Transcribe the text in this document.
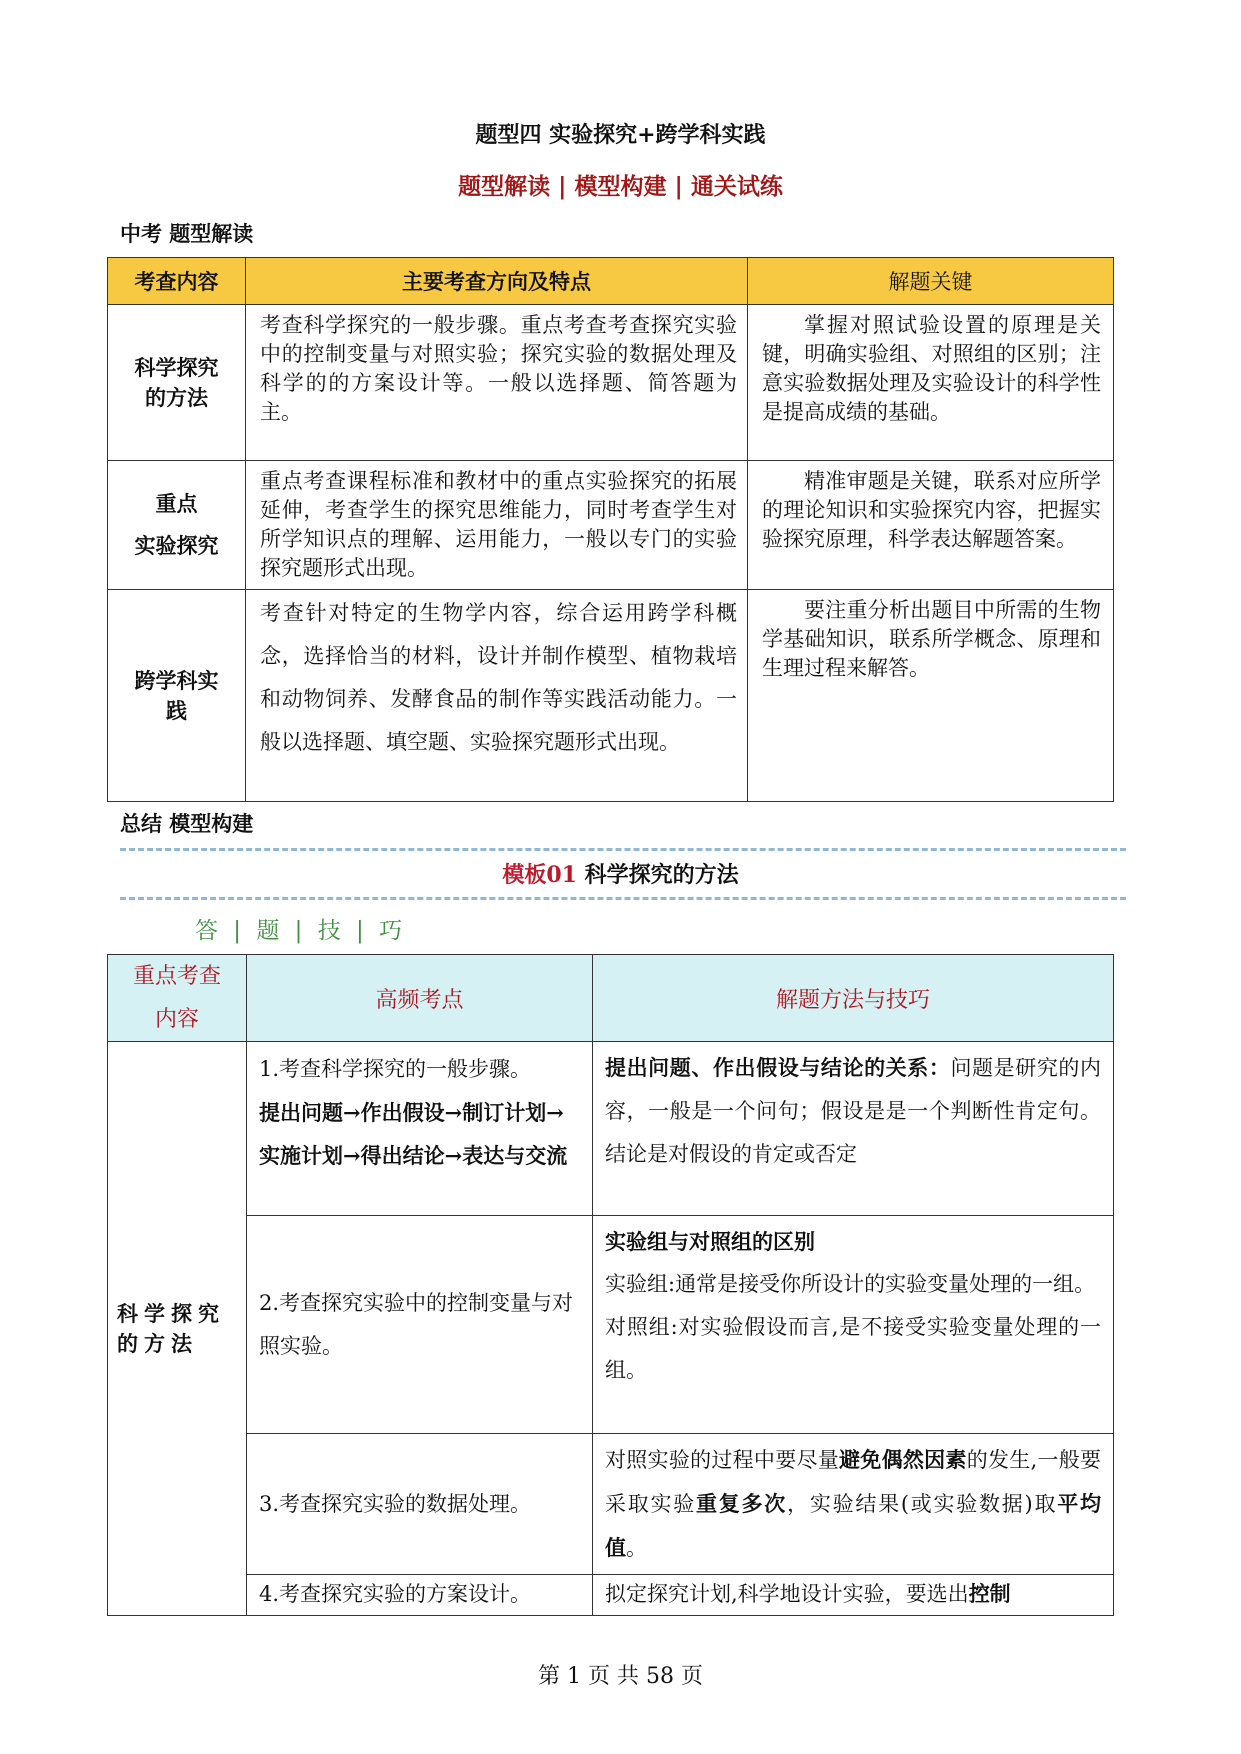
题型四 实验探究+跨学科实践
题型解读 | 模型构建 | 通关试练
中考 题型解读
考查内容	主要考查方向及特点	解题关键

科学探究的方法	考查科学探究的一般步骤。重点考查考查探究实验中的控制变量与对照实验；探究实验的数据处理及科学的的方案设计等。一般以选择题、简答题为主。	掌握对照试验设置的原理是关键，明确实验组、对照组的区别；注意实验数据处理及实验设计的科学性是提高成绩的基础。

重点
实验探究	重点考查课程标准和教材中的重点实验探究的拓展延伸，考查学生的探究思维能力，同时考查学生对所学知识点的理解、运用能力，一般以专门的实验探究题形式出现。	精准审题是关键，联系对应所学的理论知识和实验探究内容，把握实验探究原理，科学表达解题答案。

跨学科实践	考查针对特定的生物学内容，综合运用跨学科概念，选择恰当的材料，设计并制作模型、植物栽培和动物饲养、发酵食品的制作等实践活动能力。一般以选择题、填空题、实验探究题形式出现。	要注重分析出题目中所需的生物学基础知识，联系所学概念、原理和生理过程来解答。
总结 模型构建
模板01 科学探究的方法
答 | 题 | 技 | 巧
重点考查内容	高频考点	解题方法与技巧

科学探究的方法	1.考查科学探究的一般步骤。
提出问题→作出假设→制订计划→实施计划→得出结论→表达与交流	提出问题、作出假设与结论的关系：问题是研究的内容，一般是一个问句；假设是是一个判断性肯定句。结论是对假设的肯定或否定
	2.考查探究实验中的控制变量与对照实验。	实验组与对照组的区别
实验组:通常是接受你所设计的实验变量处理的一组。
对照组:对实验假设而言,是不接受实验变量处理的一组。

	3.考查探究实验的数据处理。	对照实验的过程中要尽量避免偶然因素的发生,一般要采取实验重复多次，实验结果(或实验数据)取平均值。
	4.考查探究实验的方案设计。	拟定探究计划,科学地设计实验，要选出控制
第 1 页 共 58 页
